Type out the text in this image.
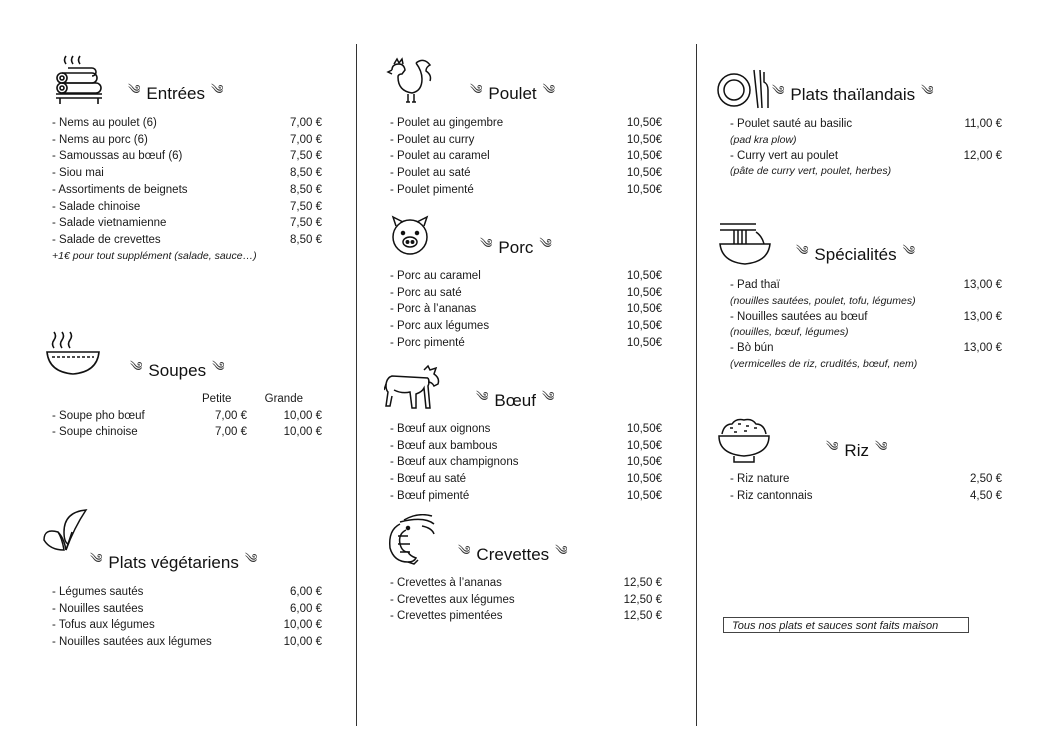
༄ Entrées ༄
- Nems au poulet (6)	7,00 €
- Nems au porc (6)	7,00 €
- Samoussas au bœuf (6)	7,50 €
- Siou mai	8,50 €
- Assortiments de beignets	8,50 €
- Salade chinoise	7,50 €
- Salade vietnamienne	7,50 €
- Salade de crevettes	8,50 €
+1€ pour tout supplément (salade, sauce…)
༄ Soupes ༄
Petite	Grande
- Soupe pho bœuf	7,00 €	10,00 €
- Soupe chinoise	7,00 €	10,00 €
༄ Plats végétariens ༄
- Légumes sautés	6,00 €
- Nouilles sautées	6,00 €
- Tofus aux légumes	10,00 €
- Nouilles sautées aux légumes	10,00 €
༄ Poulet ༄
- Poulet au gingembre	10,50€
- Poulet au curry	10,50€
- Poulet au caramel	10,50€
- Poulet au saté	10,50€
- Poulet pimenté	10,50€
༄ Porc ༄
- Porc au caramel	10,50€
- Porc au saté	10,50€
- Porc à l’ananas	10,50€
- Porc aux légumes	10,50€
- Porc pimenté	10,50€
༄ Bœuf ༄
- Bœuf aux oignons	10,50€
- Bœuf aux bambous	10,50€
- Bœuf aux champignons	10,50€
- Bœuf au saté	10,50€
- Bœuf pimenté	10,50€
༄ Crevettes ༄
- Crevettes à l’ananas	12,50 €
- Crevettes aux légumes	12,50 €
- Crevettes pimentées	12,50 €
༄ Plats thaïlandais ༄
- Poulet sauté au basilic	11,00 €
(pad kra plow)
- Curry vert au poulet	12,00 €
(pâte de curry vert, poulet, herbes)
༄ Spécialités ༄
- Pad thaï	13,00 €
(nouilles sautées, poulet, tofu, légumes)
- Nouilles sautées au bœuf	13,00 €
(nouilles, bœuf, légumes)
- Bò bún	13,00 €
(vermicelles de riz, crudités, bœuf, nem)
༄ Riz ༄
- Riz nature	2,50 €
- Riz cantonnais	4,50 €
Tous nos plats et sauces sont faits maison
